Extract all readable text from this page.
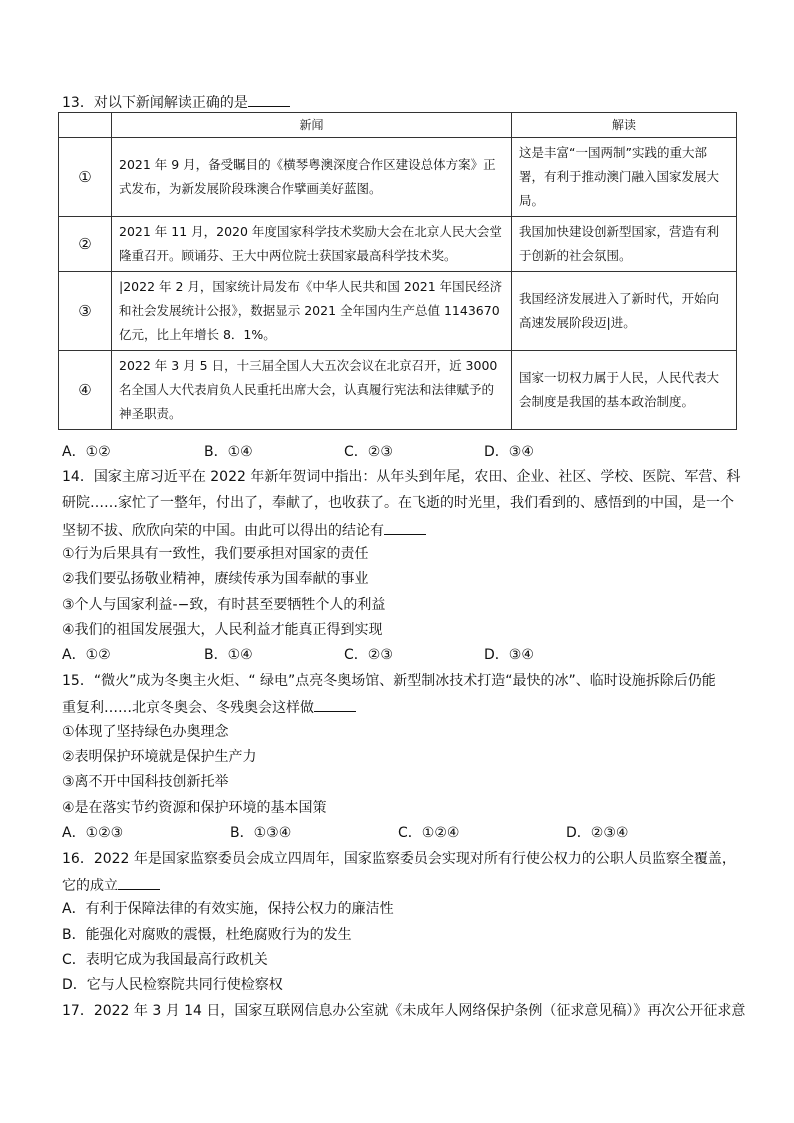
13．对以下新闻解读正确的是
	新闻	解读
①	2021 年 9 月，备受瞩目的《横琴粤澳深度合作区建设总体方案》正式发布，为新发展阶段珠澳合作擘画美好蓝图。	这是丰富“一国两制”实践的重大部署，有利于推动澳门融入国家发展大局。
②	2021 年 11 月，2020 年度国家科学技术奖励大会在北京人民大会堂隆重召开。顾诵芬、王大中两位院士获国家最高科学技术奖。	我国加快建设创新型国家，营造有利于创新的社会氛围。
③	|2022 年 2 月，国家统计局发布《中华人民共和国 2021 年国民经济和社会发展统计公报》，数据显示 2021 全年国内生产总值 1143670 亿元，比上年增长 8．1%。	我国经济发展进入了新时代，开始向高速发展阶段迈|进。
④	2022 年 3 月 5 日，十三届全国人大五次会议在北京召开，近 3000 名全国人大代表肩负人民重托出席大会，认真履行宪法和法律赋予的神圣职责。	国家一切权力属于人民，人民代表大会制度是我国的基本政治制度。
A．①②	B．①④	C．②③	D．③④
14．国家主席习近平在 2022 年新年贺词中指出：从年头到年尾，农田、企业、社区、学校、医院、军营、科
研院……家忙了一整年，付出了，奉献了，也收获了。在飞逝的时光里，我们看到的、感悟到的中国，是一个
坚韧不拔、欣欣向荣的中国。由此可以得出的结论有
①行为后果具有一致性，我们要承担对国家的责任
②我们要弘扬敬业精神，赓续传承为国奉献的事业
③个人与国家利益-−致，有时甚至要牺牲个人的利益
④我们的祖国发展强大，人民利益才能真正得到实现
A．①②	B．①④	C．②③	D．③④
15．“微火”成为冬奥主火炬、“ 绿电”点亮冬奥场馆、新型制冰技术打造“最快的冰”、临时设施拆除后仍能
重复利……北京冬奥会、冬残奥会这样做
①体现了坚持绿色办奥理念
②表明保护环境就是保护生产力
③离不开中国科技创新托举
④是在落实节约资源和保护环境的基本国策
A．①②③	B．①③④	C．①②④	D．②③④
16．2022 年是国家监察委员会成立四周年，国家监察委员会实现对所有行使公权力的公职人员监察全覆盖，
它的成立
A．有利于保障法律的有效实施，保持公权力的廉洁性
B．能强化对腐败的震慑，杜绝腐败行为的发生
C．表明它成为我国最高行政机关
D．它与人民检察院共同行使检察权
17．2022 年 3 月 14 日，国家互联网信息办公室就《未成年人网络保护条例（征求意见稿）》再次公开征求意
